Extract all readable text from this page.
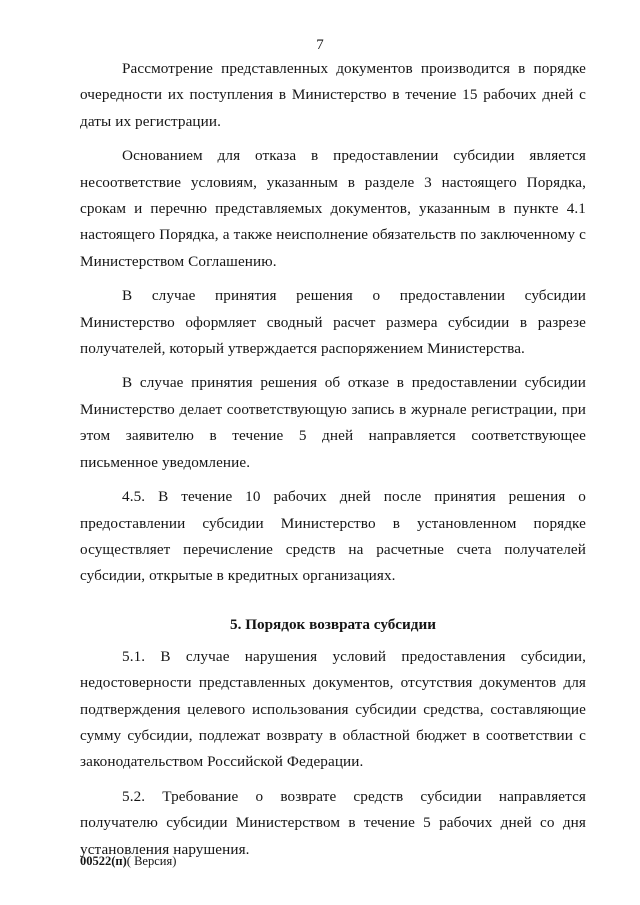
7

Рассмотрение представленных документов производится в порядке очередности их поступления в Министерство в течение 15 рабочих дней с даты их регистрации.

Основанием для отказа в предоставлении субсидии является несоответствие условиям, указанным в разделе 3 настоящего Порядка, срокам и перечню представляемых документов, указанным в пункте 4.1 настоящего Порядка, а также неисполнение обязательств по заключенному с Министерством Соглашению.

В случае принятия решения о предоставлении субсидии Министерство оформляет сводный расчет размера субсидии в разрезе получателей, который утверждается распоряжением Министерства.

В случае принятия решения об отказе в предоставлении субсидии Министерство делает соответствующую запись в журнале регистрации, при этом заявителю в течение 5 дней направляется соответствующее письменное уведомление.

4.5. В течение 10 рабочих дней после принятия решения о предоставлении субсидии Министерство в установленном порядке осуществляет перечисление средств на расчетные счета получателей субсидии, открытые в кредитных организациях.

5. Порядок возврата субсидии

5.1. В случае нарушения условий предоставления субсидии, недостоверности представленных документов, отсутствия документов для подтверждения целевого использования субсидии средства, составляющие сумму субсидии, подлежат возврату в областной бюджет в соответствии с законодательством Российской Федерации.

5.2. Требование о возврате средств субсидии направляется получателю субсидии Министерством в течение 5 рабочих дней со дня установления нарушения.

00522(п)( Версия)
